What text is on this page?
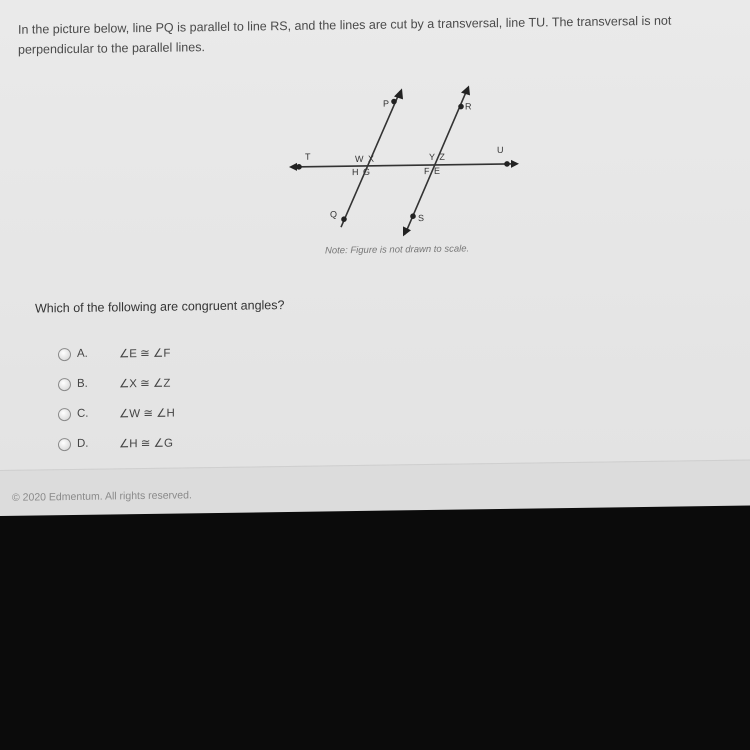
In the picture below, line PQ is parallel to line RS, and the lines are cut by a transversal, line TU. The transversal is not perpendicular to the parallel lines.
P	R
T
U
Q	S
W X
H G
Y Z
F E
Note: Figure is not drawn to scale.
Which of the following are congruent angles?
A.	∠E ≅ ∠F
B.	∠X ≅ ∠Z
C.	∠W ≅ ∠H
D.	∠H ≅ ∠G
© 2020 Edmentum. All rights reserved.
